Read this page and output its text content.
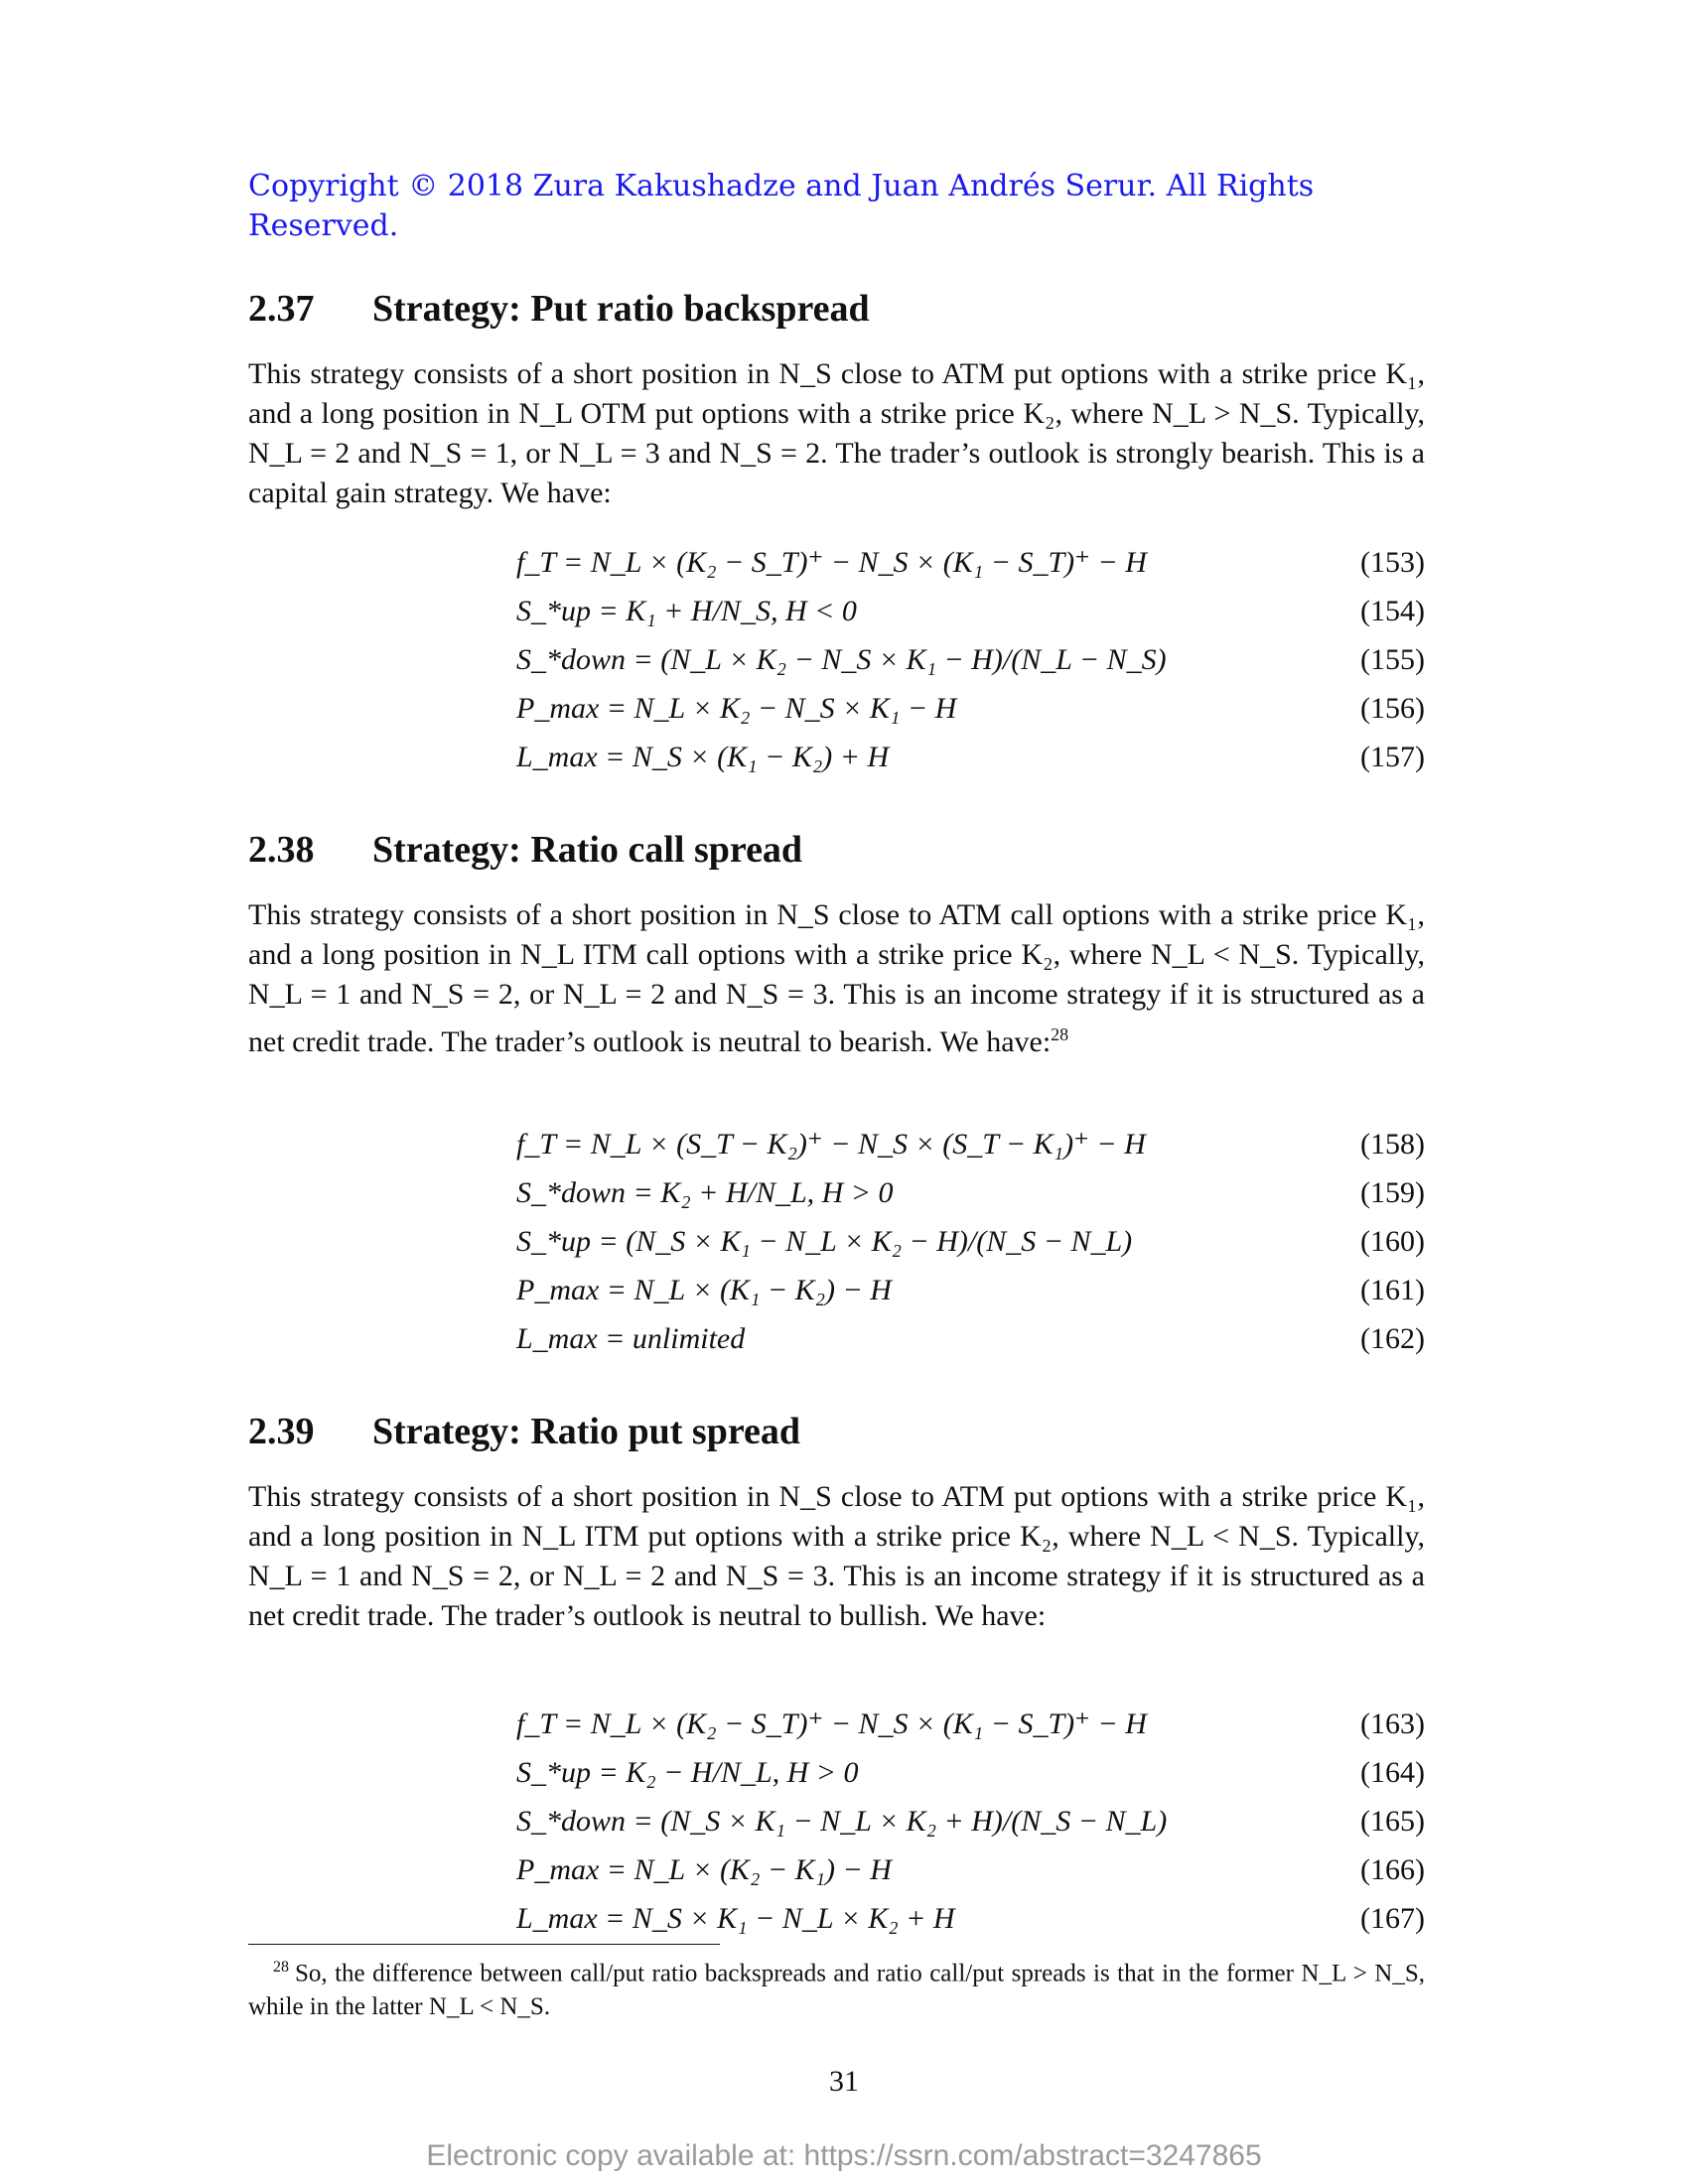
Copyright © 2018 Zura Kakushadze and Juan Andrés Serur. All Rights Reserved.
2.37 Strategy: Put ratio backspread
This strategy consists of a short position in N_S close to ATM put options with a strike price K₁, and a long position in N_L OTM put options with a strike price K₂, where N_L > N_S. Typically, N_L = 2 and N_S = 1, or N_L = 3 and N_S = 2. The trader’s outlook is strongly bearish. This is a capital gain strategy. We have:
f_T = N_L × (K₂ − S_T)⁺ − N_S × (K₁ − S_T)⁺ − H	(153)
S_*up = K₁ + H/N_S, H < 0	(154)
S_*down = (N_L × K₂ − N_S × K₁ − H)/(N_L − N_S)	(155)
P_max = N_L × K₂ − N_S × K₁ − H	(156)
L_max = N_S × (K₁ − K₂) + H	(157)
2.38 Strategy: Ratio call spread
This strategy consists of a short position in N_S close to ATM call options with a strike price K₁, and a long position in N_L ITM call options with a strike price K₂, where N_L < N_S. Typically, N_L = 1 and N_S = 2, or N_L = 2 and N_S = 3. This is an income strategy if it is structured as a net credit trade. The trader’s outlook is neutral to bearish. We have:$^{28}$
f_T = N_L × (S_T − K₂)⁺ − N_S × (S_T − K₁)⁺ − H	(158)
S_*down = K₂ + H/N_L, H > 0	(159)
S_*up = (N_S × K₁ − N_L × K₂ − H)/(N_S − N_L)	(160)
P_max = N_L × (K₁ − K₂) − H	(161)
L_max = unlimited	(162)
2.39 Strategy: Ratio put spread
This strategy consists of a short position in N_S close to ATM put options with a strike price K₁, and a long position in N_L ITM put options with a strike price K₂, where N_L < N_S. Typically, N_L = 1 and N_S = 2, or N_L = 2 and N_S = 3. This is an income strategy if it is structured as a net credit trade. The trader’s outlook is neutral to bullish. We have:
f_T = N_L × (K₂ − S_T)⁺ − N_S × (K₁ − S_T)⁺ − H	(163)
S_*up = K₂ − H/N_L, H > 0	(164)
S_*down = (N_S × K₁ − N_L × K₂ + H)/(N_S − N_L)	(165)
P_max = N_L × (K₂ − K₁) − H	(166)
L_max = N_S × K₁ − N_L × K₂ + H	(167)
$^{28}$ So, the difference between call/put ratio backspreads and ratio call/put spreads is that in the former N_L > N_S, while in the latter N_L < N_S.
31
Electronic copy available at: https://ssrn.com/abstract=3247865
